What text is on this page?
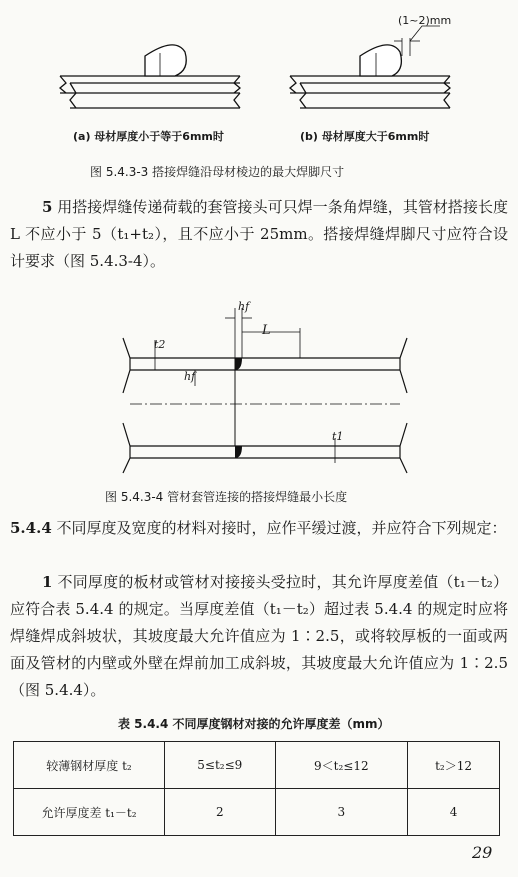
(1~2)mm
(a) 母材厚度小于等于6mm时	(b) 母材厚度大于6mm时
图 5.4.3-3 搭接焊缝沿母材棱边的最大焊脚尺寸
5 用搭接焊缝传递荷载的套管接头可只焊一条角焊缝，其管材搭接长度 L 不应小于 5（t₁+t₂），且不应小于 25mm。搭接焊缝焊脚尺寸应符合设计要求（图 5.4.3-4）。
hf
L
t2
hf
t1
图 5.4.3-4 管材套管连接的搭接焊缝最小长度
5.4.4 不同厚度及宽度的材料对接时，应作平缓过渡，并应符合下列规定：
1 不同厚度的板材或管材对接接头受拉时，其允许厚度差值（t₁－t₂）应符合表 5.4.4 的规定。当厚度差值（t₁－t₂）超过表 5.4.4 的规定时应将焊缝焊成斜坡状，其坡度最大允许值应为 1∶2.5，或将较厚板的一面或两面及管材的内壁或外壁在焊前加工成斜坡，其坡度最大允许值应为 1∶2.5（图 5.4.4）。
表 5.4.4 不同厚度钢材对接的允许厚度差（mm）
较薄钢材厚度 t₂	5≤t₂≤9	9＜t₂≤12	t₂＞12
允许厚度差 t₁－t₂	2	3	4
29
